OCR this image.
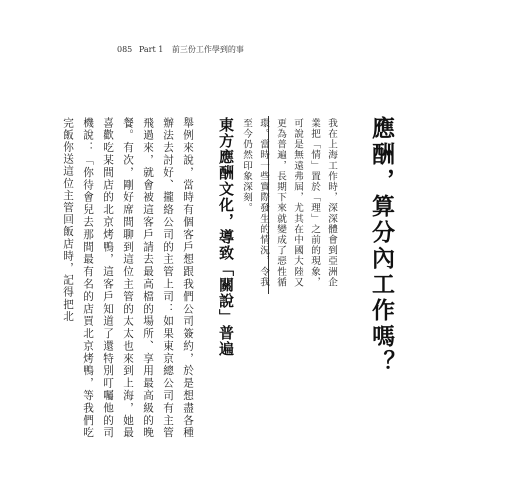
085 Part 1 前三份工作學到的事
應酬，算分內工作嗎？
我在上海工作時，深深體會到亞洲企業把「情」置於「理」之前的現象，可說是無遠弗屆，尤其在中國大陸又更為普遍，長期下來就變成了惡性循環。當時一些實際發生的情況，令我至今仍然印象深刻。
東方應酬文化，導致「關說」普遍
舉例來說，當時有個客戶想跟我們公司簽約，於是想盡各種辦法去討好、攏絡公司的主管上司：如果東京總公司有主管飛過來，就會被這客戶請去最高檔的場所、享用最高級的晚餐。有次，剛好席間聊到這位主管的太太也來到上海，她最喜歡吃某間店的北京烤鴨，這客戶知道了還特別叮囑他的司機說：「你待會兒去那間最有名的店買北京烤鴨，等我們吃完飯你送這位主管回飯店時，記得把北
